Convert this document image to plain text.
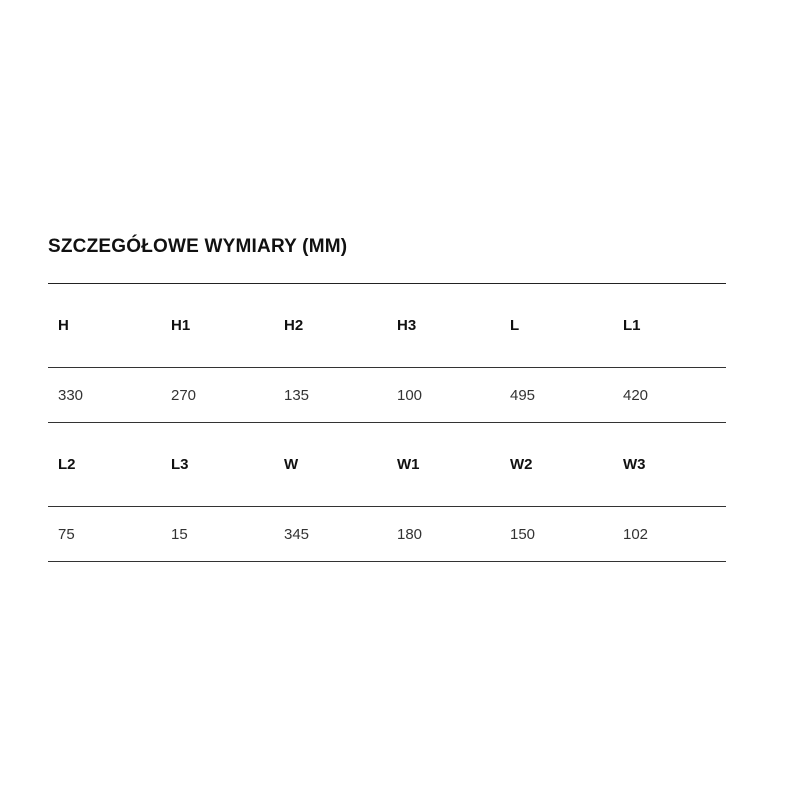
SZCZEGÓŁOWE WYMIARY (MM)
H	H1	H2	H3	L	L1
330	270	135	100	495	420
L2	L3	W	W1	W2	W3
75	15	345	180	150	102
